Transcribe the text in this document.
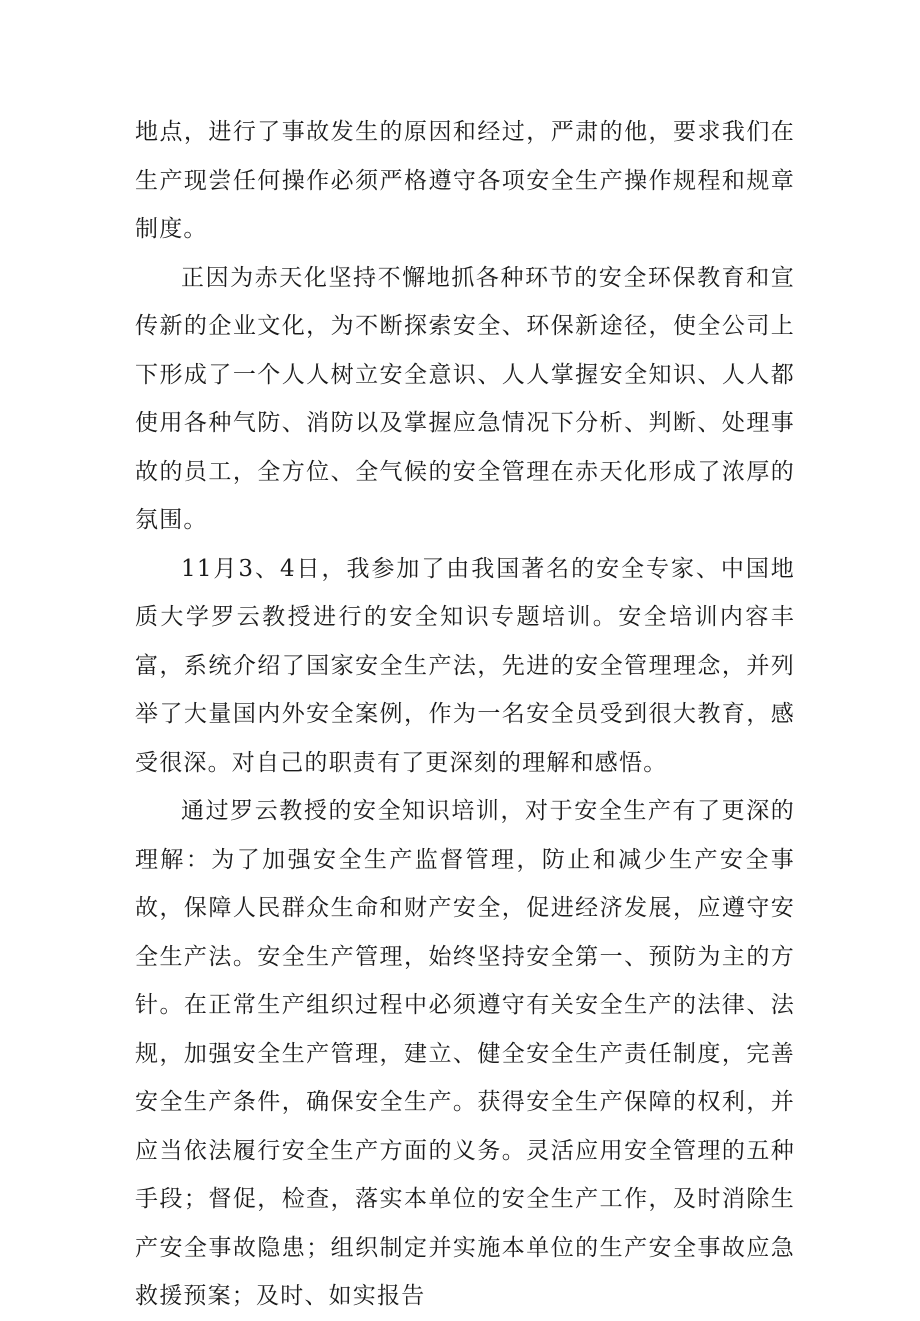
地点，进行了事故发生的原因和经过，严肃的他，要求我们在生产现尝任何操作必须严格遵守各项安全生产操作规程和规章制度。

正因为赤天化坚持不懈地抓各种环节的安全环保教育和宣传新的企业文化，为不断探索安全、环保新途径，使全公司上下形成了一个人人树立安全意识、人人掌握安全知识、人人都使用各种气防、消防以及掌握应急情况下分析、判断、处理事故的员工，全方位、全气候的安全管理在赤天化形成了浓厚的氛围。

11月3、4日，我参加了由我国著名的安全专家、中国地质大学罗云教授进行的安全知识专题培训。安全培训内容丰富，系统介绍了国家安全生产法，先进的安全管理理念，并列举了大量国内外安全案例，作为一名安全员受到很大教育，感受很深。对自己的职责有了更深刻的理解和感悟。

通过罗云教授的安全知识培训，对于安全生产有了更深的理解：为了加强安全生产监督管理，防止和减少生产安全事故，保障人民群众生命和财产安全，促进经济发展，应遵守安全生产法。安全生产管理，始终坚持安全第一、预防为主的方针。在正常生产组织过程中必须遵守有关安全生产的法律、法规，加强安全生产管理，建立、健全安全生产责任制度，完善安全生产条件，确保安全生产。获得安全生产保障的权利，并应当依法履行安全生产方面的义务。灵活应用安全管理的五种手段；督促，检查，落实本单位的安全生产工作，及时消除生产安全事故隐患；组织制定并实施本单位的生产安全事故应急救援预案；及时、如实报告
